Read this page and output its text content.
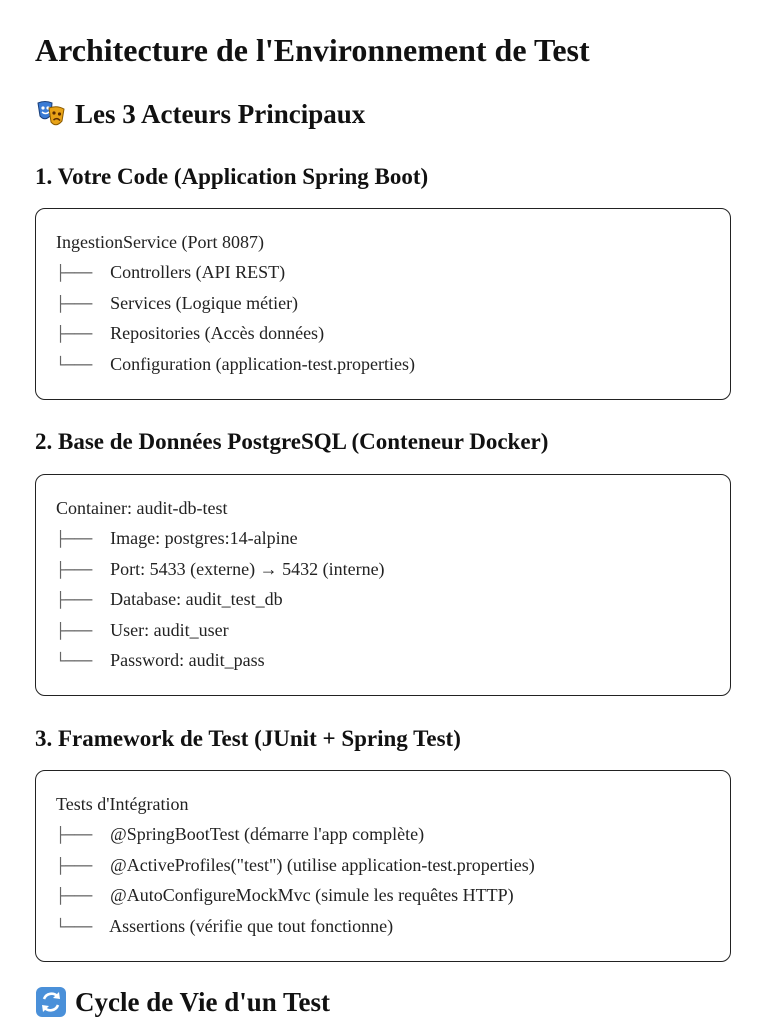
Architecture de l'Environnement de Test
Les 3 Acteurs Principaux
1. Votre Code (Application Spring Boot)
IngestionService (Port 8087)
├─── Controllers (API REST)
├─── Services (Logique métier)
├─── Repositories (Accès données)
└─── Configuration (application-test.properties)
2. Base de Données PostgreSQL (Conteneur Docker)
Container: audit-db-test
├─── Image: postgres:14-alpine
├─── Port: 5433 (externe) → 5432 (interne)
├─── Database: audit_test_db
├─── User: audit_user
└─── Password: audit_pass
3. Framework de Test (JUnit + Spring Test)
Tests d'Intégration
├─── @SpringBootTest (démarre l'app complète)
├─── @ActiveProfiles("test") (utilise application-test.properties)
├─── @AutoConfigureMockMvc (simule les requêtes HTTP)
└─── Assertions (vérifie que tout fonctionne)
Cycle de Vie d'un Test
